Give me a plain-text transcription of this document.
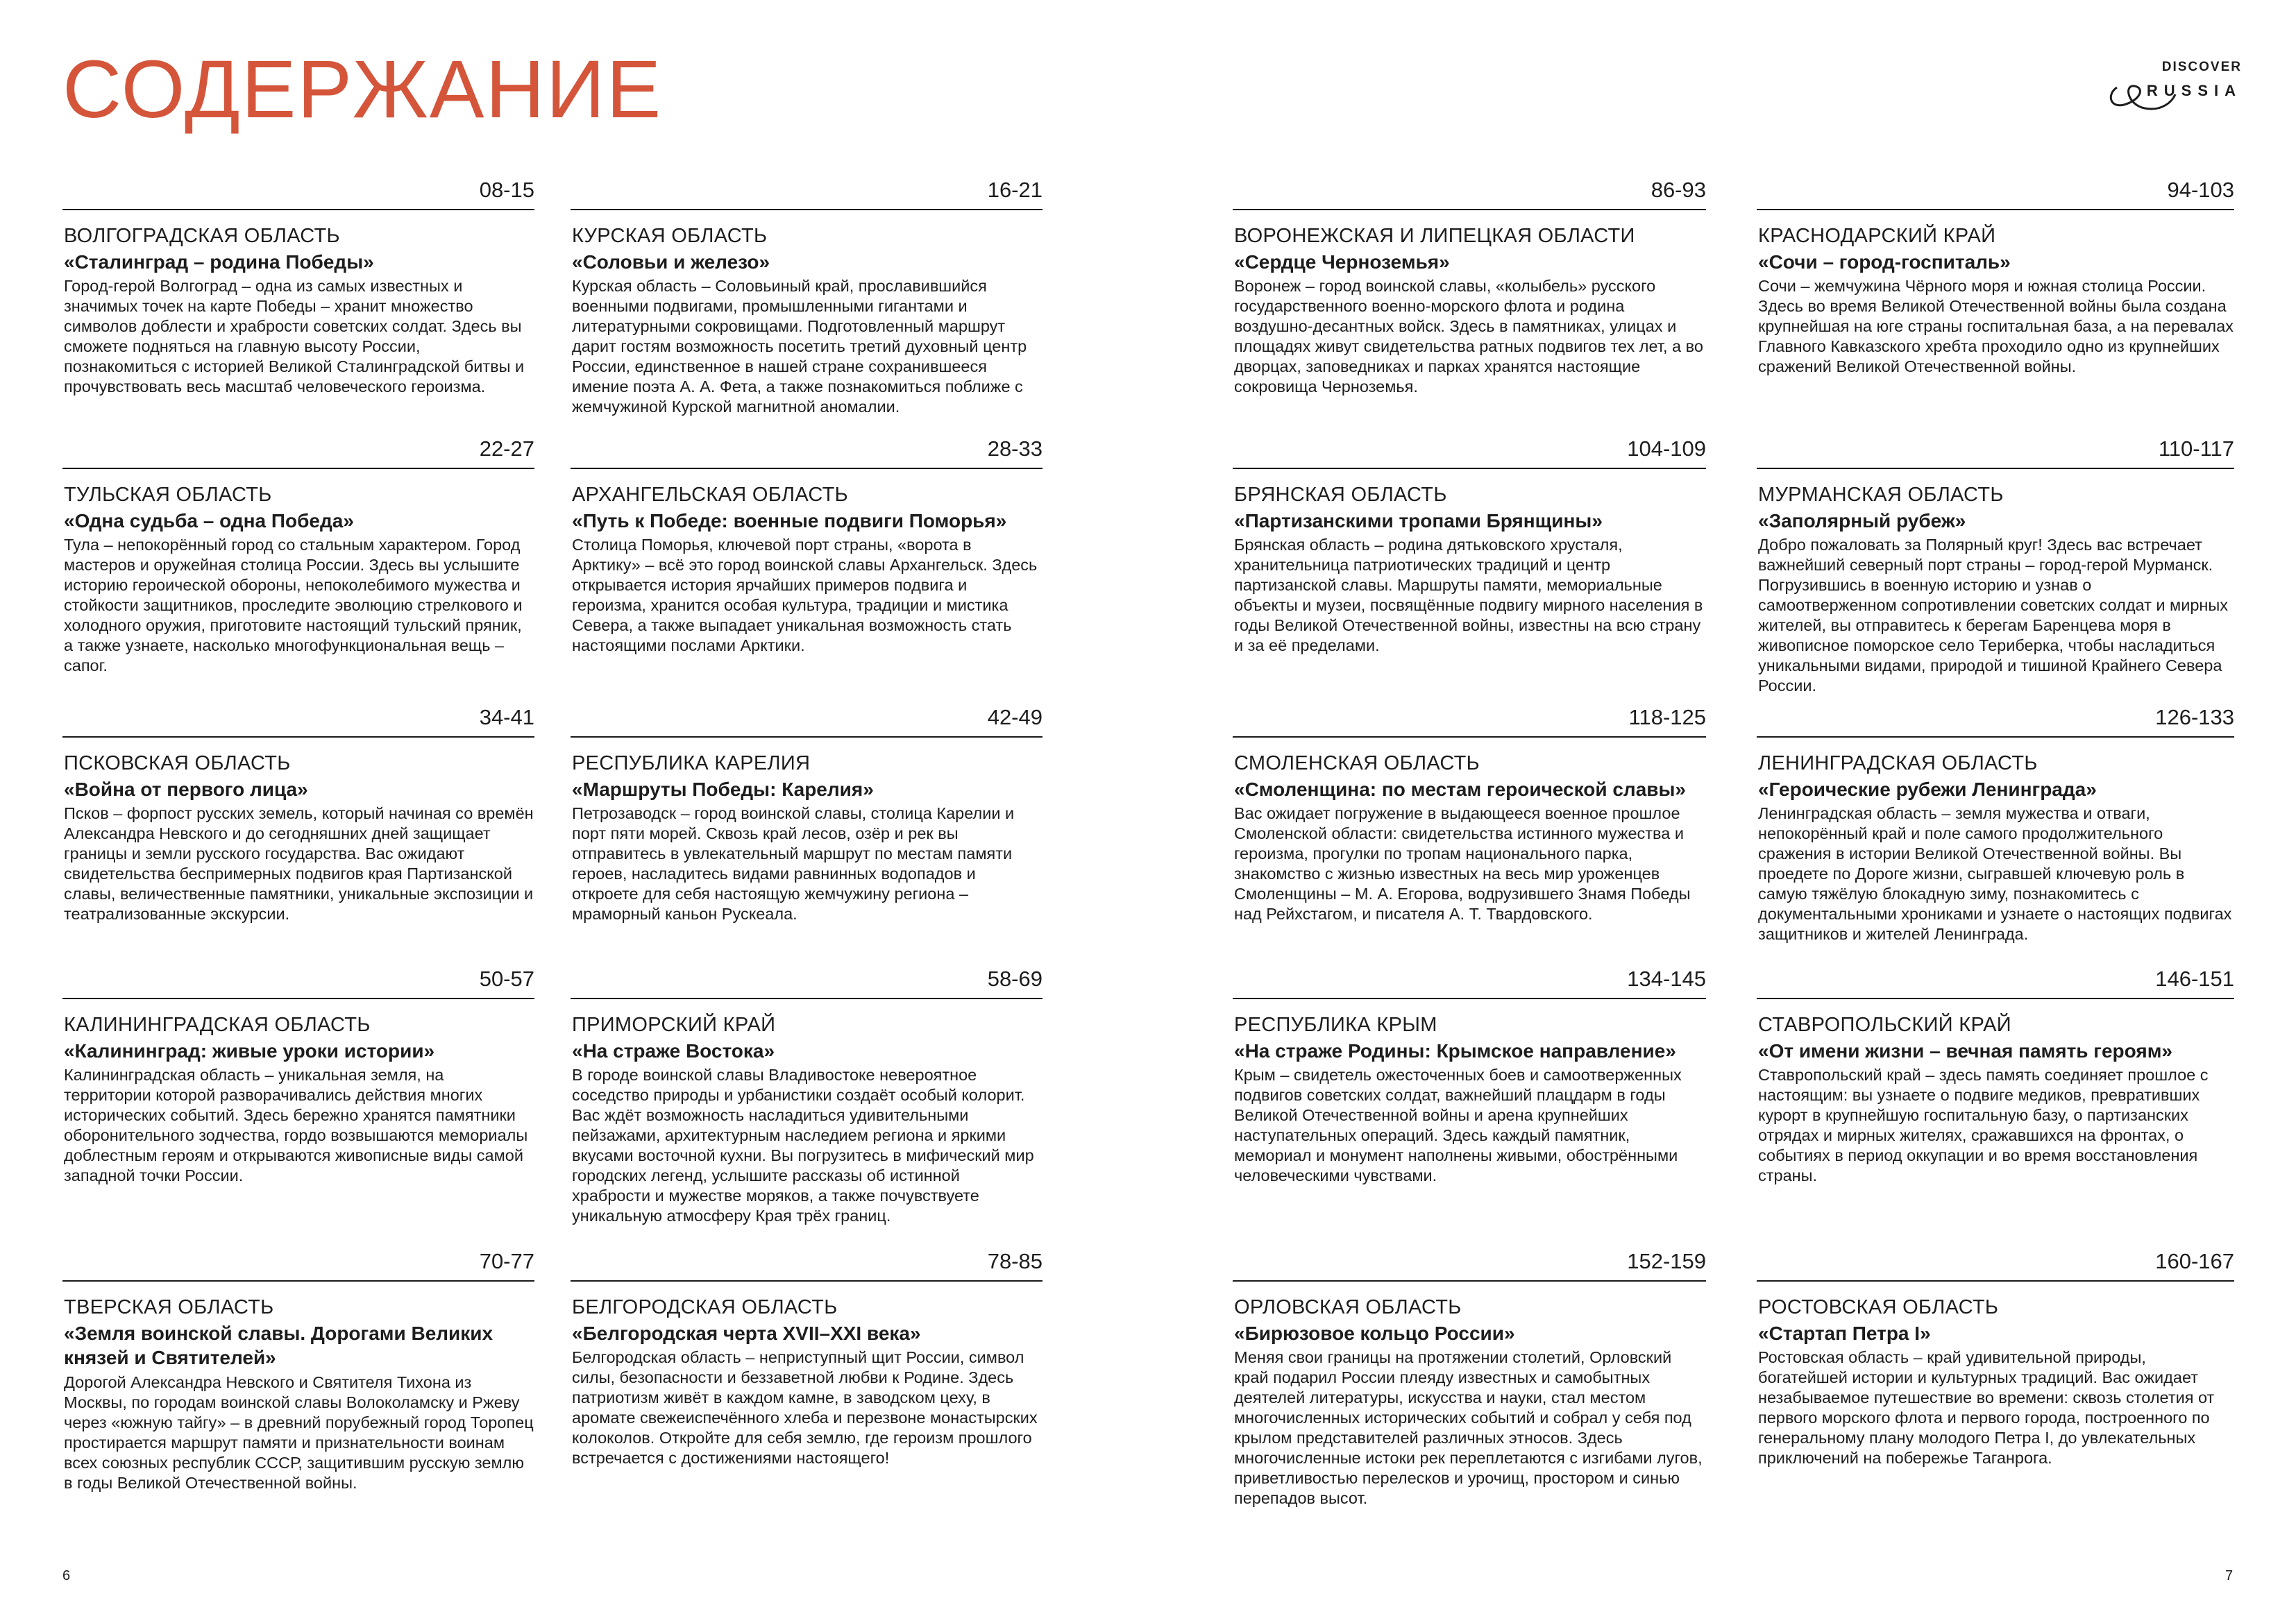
СОДЕРЖАНИЕ	DISCOVER
RUSSIA
08-15
ВОЛГОГРАДСКАЯ ОБЛАСТЬ
«Сталинград – родина Победы»
Город-герой Волгоград – одна из самых известных и значимых точек на карте Победы – хранит множество символов доблести и храбрости советских солдат. Здесь вы сможете подняться на главную высоту России, познакомиться с историей Великой Сталинградской битвы и прочувствовать весь масштаб человеческого героизма.
16-21
КУРСКАЯ ОБЛАСТЬ
«Соловьи и железо»
Курская область – Соловьиный край, прославившийся военными подвигами, промышленными гигантами и литературными сокровищами. Подготовленный маршрут дарит гостям возможность посетить третий духовный центр России, единственное в нашей стране сохранившееся имение поэта А. А. Фета, а также познакомиться поближе с жемчужиной Курской магнитной аномалии.
86-93
ВОРОНЕЖСКАЯ И ЛИПЕЦКАЯ ОБЛАСТИ
«Сердце Черноземья»
Воронеж – город воинской славы, «колыбель» русского государственного военно-морского флота и родина воздушно-десантных войск. Здесь в памятниках, улицах и площадях живут свидетельства ратных подвигов тех лет, а во дворцах, заповедниках и парках хранятся настоящие сокровища Черноземья.
94-103
КРАСНОДАРСКИЙ КРАЙ
«Сочи – город-госпиталь»
Сочи – жемчужина Чёрного моря и южная столица России. Здесь во время Великой Отечественной войны была создана крупнейшая на юге страны госпитальная база, а на перевалах Главного Кавказского хребта проходило одно из крупнейших сражений Великой Отечественной войны.
22-27
ТУЛЬСКАЯ ОБЛАСТЬ
«Одна судьба – одна Победа»
Тула – непокорённый город со стальным характером. Город мастеров и оружейная столица России. Здесь вы услышите историю героической обороны, непоколебимого мужества и стойкости защитников, проследите эволюцию стрелкового и холодного оружия, приготовите настоящий тульский пряник, а также узнаете, насколько многофункциональная вещь – сапог.
28-33
АРХАНГЕЛЬСКАЯ ОБЛАСТЬ
«Путь к Победе: военные подвиги Поморья»
Столица Поморья, ключевой порт страны, «ворота в Арктику» – всё это город воинской славы Архангельск. Здесь открывается история ярчайших примеров подвига и героизма, хранится особая культура, традиции и мистика Севера, а также выпадает уникальная возможность стать настоящими послами Арктики.
104-109
БРЯНСКАЯ ОБЛАСТЬ
«Партизанскими тропами Брянщины»
Брянская область – родина дятьковского хрусталя, хранительница патриотических традиций и центр партизанской славы. Маршруты памяти, мемориальные объекты и музеи, посвящённые подвигу мирного населения в годы Великой Отечественной войны, известны на всю страну и за её пределами.
110-117
МУРМАНСКАЯ ОБЛАСТЬ
«Заполярный рубеж»
Добро пожаловать за Полярный круг! Здесь вас встречает важнейший северный порт страны – город-герой Мурманск. Погрузившись в военную историю и узнав о самоотверженном сопротивлении советских солдат и мирных жителей, вы отправитесь к берегам Баренцева моря в живописное поморское село Териберка, чтобы насладиться уникальными видами, природой и тишиной Крайнего Севера России.
34-41
ПСКОВСКАЯ ОБЛАСТЬ
«Война от первого лица»
Псков – форпост русских земель, который начиная со времён Александра Невского и до сегодняшних дней защищает границы и земли русского государства. Вас ожидают свидетельства беспримерных подвигов края Партизанской славы, величественные памятники, уникальные экспозиции и театрализованные экскурсии.
42-49
РЕСПУБЛИКА КАРЕЛИЯ
«Маршруты Победы: Карелия»
Петрозаводск – город воинской славы, столица Карелии и порт пяти морей. Сквозь край лесов, озёр и рек вы отправитесь в увлекательный маршрут по местам памяти героев, насладитесь видами равнинных водопадов и откроете для себя настоящую жемчужину региона – мраморный каньон Рускеала.
118-125
СМОЛЕНСКАЯ ОБЛАСТЬ
«Смоленщина: по местам героической славы»
Вас ожидает погружение в выдающееся военное прошлое Смоленской области: свидетельства истинного мужества и героизма, прогулки по тропам национального парка, знакомство с жизнью известных на весь мир уроженцев Смоленщины – М. А. Егорова, водрузившего Знамя Победы над Рейхстагом, и писателя А. Т. Твардовского.
126-133
ЛЕНИНГРАДСКАЯ ОБЛАСТЬ
«Героические рубежи Ленинграда»
Ленинградская область – земля мужества и отваги, непокорённый край и поле самого продолжительного сражения в истории Великой Отечественной войны. Вы проедете по Дороге жизни, сыгравшей ключевую роль в самую тяжёлую блокадную зиму, познакомитесь с документальными хрониками и узнаете о настоящих подвигах защитников и жителей Ленинграда.
50-57
КАЛИНИНГРАДСКАЯ ОБЛАСТЬ
«Калининград: живые уроки истории»
Калининградская область – уникальная земля, на территории которой разворачивались действия многих исторических событий. Здесь бережно хранятся памятники оборонительного зодчества, гордо возвышаются мемориалы доблестным героям и открываются живописные виды самой западной точки России.
58-69
ПРИМОРСКИЙ КРАЙ
«На страже Востока»
В городе воинской славы Владивостоке невероятное соседство природы и урбанистики создаёт особый колорит. Вас ждёт возможность насладиться удивительными пейзажами, архитектурным наследием региона и яркими вкусами восточной кухни. Вы погрузитесь в мифический мир городских легенд, услышите рассказы об истинной храбрости и мужестве моряков, а также почувствуете уникальную атмосферу Края трёх границ.
134-145
РЕСПУБЛИКА КРЫМ
«На страже Родины: Крымское направление»
Крым – свидетель ожесточенных боев и самоотверженных подвигов советских солдат, важнейший плацдарм в годы Великой Отечественной войны и арена крупнейших наступательных операций. Здесь каждый памятник, мемориал и монумент наполнены живыми, обострёнными человеческими чувствами.
146-151
СТАВРОПОЛЬСКИЙ КРАЙ
«От имени жизни – вечная память героям»
Ставропольский край – здесь память соединяет прошлое с настоящим: вы узнаете о подвиге медиков, превративших курорт в крупнейшую госпитальную базу, о партизанских отрядах и мирных жителях, сражавшихся на фронтах, о событиях в период оккупации и во время восстановления страны.
70-77
ТВЕРСКАЯ ОБЛАСТЬ
«Земля воинской славы. Дорогами Великих князей и Святителей»
Дорогой Александра Невского и Святителя Тихона из Москвы, по городам воинской славы Волоколамску и Ржеву через «южную тайгу» – в древний порубежный город Торопец простирается маршрут памяти и признательности воинам всех союзных республик СССР, защитившим русскую землю в годы Великой Отечественной войны.
78-85
БЕЛГОРОДСКАЯ ОБЛАСТЬ
«Белгородская черта XVII–XXI века»
Белгородская область – неприступный щит России, символ силы, безопасности и беззаветной любви к Родине. Здесь патриотизм живёт в каждом камне, в заводском цеху, в аромате свежеиспечённого хлеба и перезвоне монастырских колоколов. Откройте для себя землю, где героизм прошлого встречается с достижениями настоящего!
152-159
ОРЛОВСКАЯ ОБЛАСТЬ
«Бирюзовое кольцо России»
Меняя свои границы на протяжении столетий, Орловский край подарил России плеяду известных и самобытных деятелей литературы, искусства и науки, стал местом многочисленных исторических событий и собрал у себя под крылом представителей различных этносов. Здесь многочисленные истоки рек переплетаются с изгибами лугов, приветливостью перелесков и урочищ, простором и синью перепадов высот.
160-167
РОСТОВСКАЯ ОБЛАСТЬ
«Стартап Петра I»
Ростовская область – край удивительной природы, богатейшей истории и культурных традиций. Вас ожидает незабываемое путешествие во времени: сквозь столетия от первого морского флота и первого города, построенного по генеральному плану молодого Петра I, до увлекательных приключений на побережье Таганрога.
6	7
